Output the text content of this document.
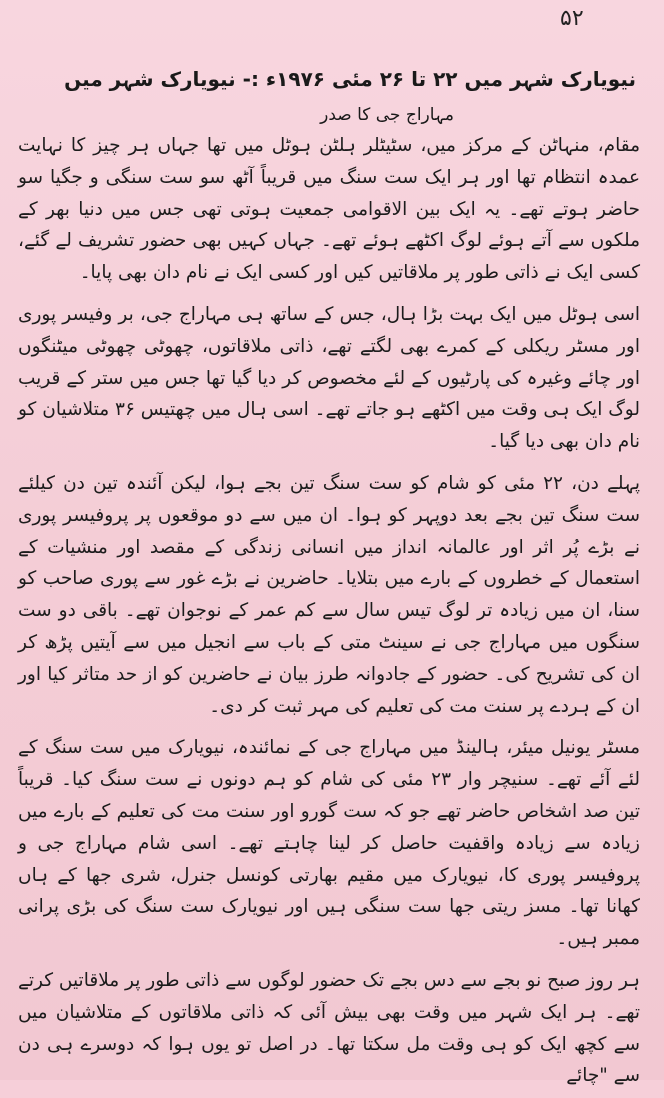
۵۲
نیویارک شہر میں ۲۲ تا ۲۶ مئی ۱۹۷۶ء :- نیویارک شہر میں
مہاراج جی کا صدر

مقام، منہاٹن کے مرکز میں، سٹیٹلر ہلٹن ہوٹل میں تھا جہاں ہر چیز کا نہایت عمدہ انتظام تھا اور ہر ایک ست سنگ میں قریباً آٹھ سو ست سنگی و جگیا سو حاضر ہوتے تھے۔ یہ ایک بین الاقوامی جمعیت ہوتی تھی جس میں دنیا بھر کے ملکوں سے آتے ہوئے لوگ اکٹھے ہوئے تھے۔ جہاں کہیں بھی حضور تشریف لے گئے، کسی ایک نے ذاتی طور پر ملاقاتیں کیں اور کسی ایک نے نام دان بھی پایا۔

اسی ہوٹل میں ایک بہت بڑا ہال، جس کے ساتھ ہی مہاراج جی، بر وفیسر پوری اور مسٹر ریکلی کے کمرے بھی لگتے تھے، ذاتی ملاقاتوں، چھوٹی چھوٹی میٹنگوں اور چائے وغیرہ کی پارٹیوں کے لئے مخصوص کر دیا گیا تھا جس میں ستر کے قریب لوگ ایک ہی وقت میں اکٹھے ہو جاتے تھے۔ اسی ہال میں چھتیس ۳۶ متلاشیان کو نام دان بھی دیا گیا۔

پہلے دن، ۲۲ مئی کو شام کو ست سنگ تین بجے ہوا، لیکن آئندہ تین دن کیلئے ست سنگ تین بجے بعد دوپہر کو ہوا۔ ان میں سے دو موقعوں پر پروفیسر پوری نے بڑے پُر اثر اور عالمانہ انداز میں انسانی زندگی کے مقصد اور منشیات کے استعمال کے خطروں کے بارے میں بتلایا۔ حاضرین نے بڑے غور سے پوری صاحب کو سنا، ان میں زیادہ تر لوگ تیس سال سے کم عمر کے نوجوان تھے۔ باقی دو ست سنگوں میں مہاراج جی نے سینٹ متی کے باب سے انجیل میں سے آیتیں پڑھ کر ان کی تشریح کی۔ حضور کے جادوانہ طرز بیان نے حاضرین کو از حد متاثر کیا اور ان کے ہردے پر سنت مت کی تعلیم کی مہر ثبت کر دی۔

مسٹر یونیل میئر، ہالینڈ میں مہاراج جی کے نمائندہ، نیویارک میں ست سنگ کے لئے آئے تھے۔ سنیچر وار ۲۳ مئی کی شام کو ہم دونوں نے ست سنگ کیا۔ قریباً تین صد اشخاص حاضر تھے جو کہ ست گورو اور سنت مت کی تعلیم کے بارے میں زیادہ سے زیادہ واقفیت حاصل کر لینا چاہتے تھے۔ اسی شام مہاراج جی و پروفیسر پوری کا، نیویارک میں مقیم بھارتی کونسل جنرل، شری جھا کے ہاں کھانا تھا۔ مسز ریتی جھا ست سنگی ہیں اور نیویارک ست سنگ کی بڑی پرانی ممبر ہیں۔

ہر روز صبح نو بجے سے دس بجے تک حضور لوگوں سے ذاتی طور پر ملاقاتیں کرتے تھے۔ ہر ایک شہر میں وقت بھی بیش آئی کہ ذاتی ملاقاتوں کے متلاشیان میں سے کچھ ایک کو ہی وقت مل سکتا تھا۔ در اصل تو یوں ہوا کہ دوسرے ہی دن سے "چائے
